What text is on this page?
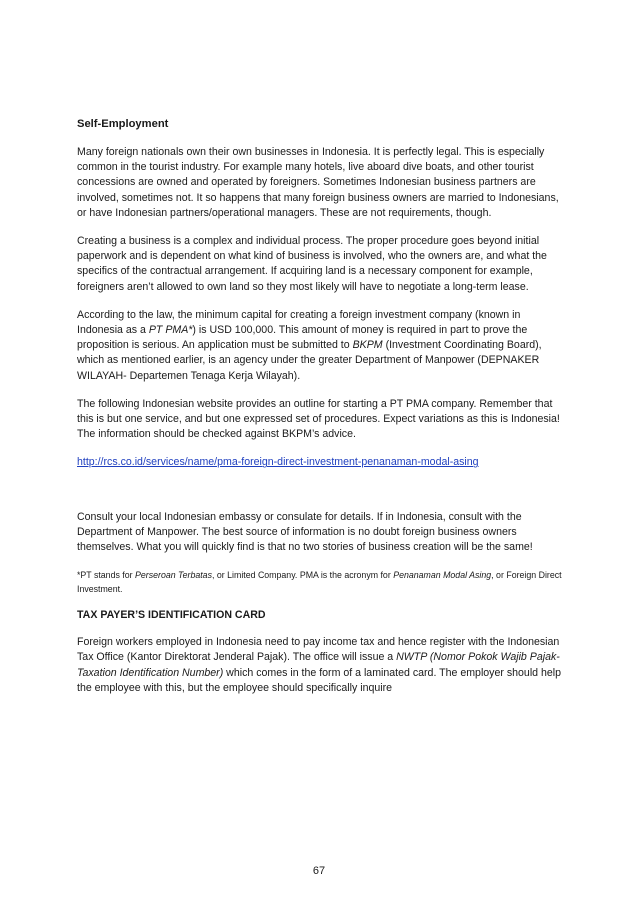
Self-Employment

Many foreign nationals own their own businesses in Indonesia. It is perfectly legal. This is especially common in the tourist industry. For example many hotels, live aboard dive boats, and other tourist concessions are owned and operated by foreigners. Sometimes Indonesian business partners are involved, sometimes not. It so happens that many foreign business owners are married to Indonesians, or have Indonesian partners/operational managers. These are not requirements, though.

Creating a business is a complex and individual process. The proper procedure goes beyond initial paperwork and is dependent on what kind of business is involved, who the owners are, and what the specifics of the contractual arrangement. If acquiring land is a necessary component for example, foreigners aren’t allowed to own land so they most likely will have to negotiate a long-term lease.

According to the law, the minimum capital for creating a foreign investment company (known in Indonesia as a PT PMA*) is USD 100,000. This amount of money is required in part to prove the proposition is serious. An application must be submitted to BKPM (Investment Coordinating Board), which as mentioned earlier, is an agency under the greater Department of Manpower (DEPNAKER WILAYAH- Departemen Tenaga Kerja Wilayah).

The following Indonesian website provides an outline for starting a PT PMA company. Remember that this is but one service, and but one expressed set of procedures. Expect variations as this is Indonesia! The information should be checked against BKPM’s advice.

http://rcs.co.id/services/name/pma-foreign-direct-investment-penanaman-modal-asing

Consult your local Indonesian embassy or consulate for details. If in Indonesia, consult with the Department of Manpower. The best source of information is no doubt foreign business owners themselves. What you will quickly find is that no two stories of business creation will be the same!

*PT stands for Perseroan Terbatas, or Limited Company. PMA is the acronym for Penanaman Modal Asing, or Foreign Direct Investment.

TAX PAYER’S IDENTIFICATION CARD

Foreign workers employed in Indonesia need to pay income tax and hence register with the Indonesian Tax Office (Kantor Direktorat Jenderal Pajak). The office will issue a NWTP (Nomor Pokok Wajib Pajak- Taxation Identification Number) which comes in the form of a laminated card. The employer should help the employee with this, but the employee should specifically inquire

67
